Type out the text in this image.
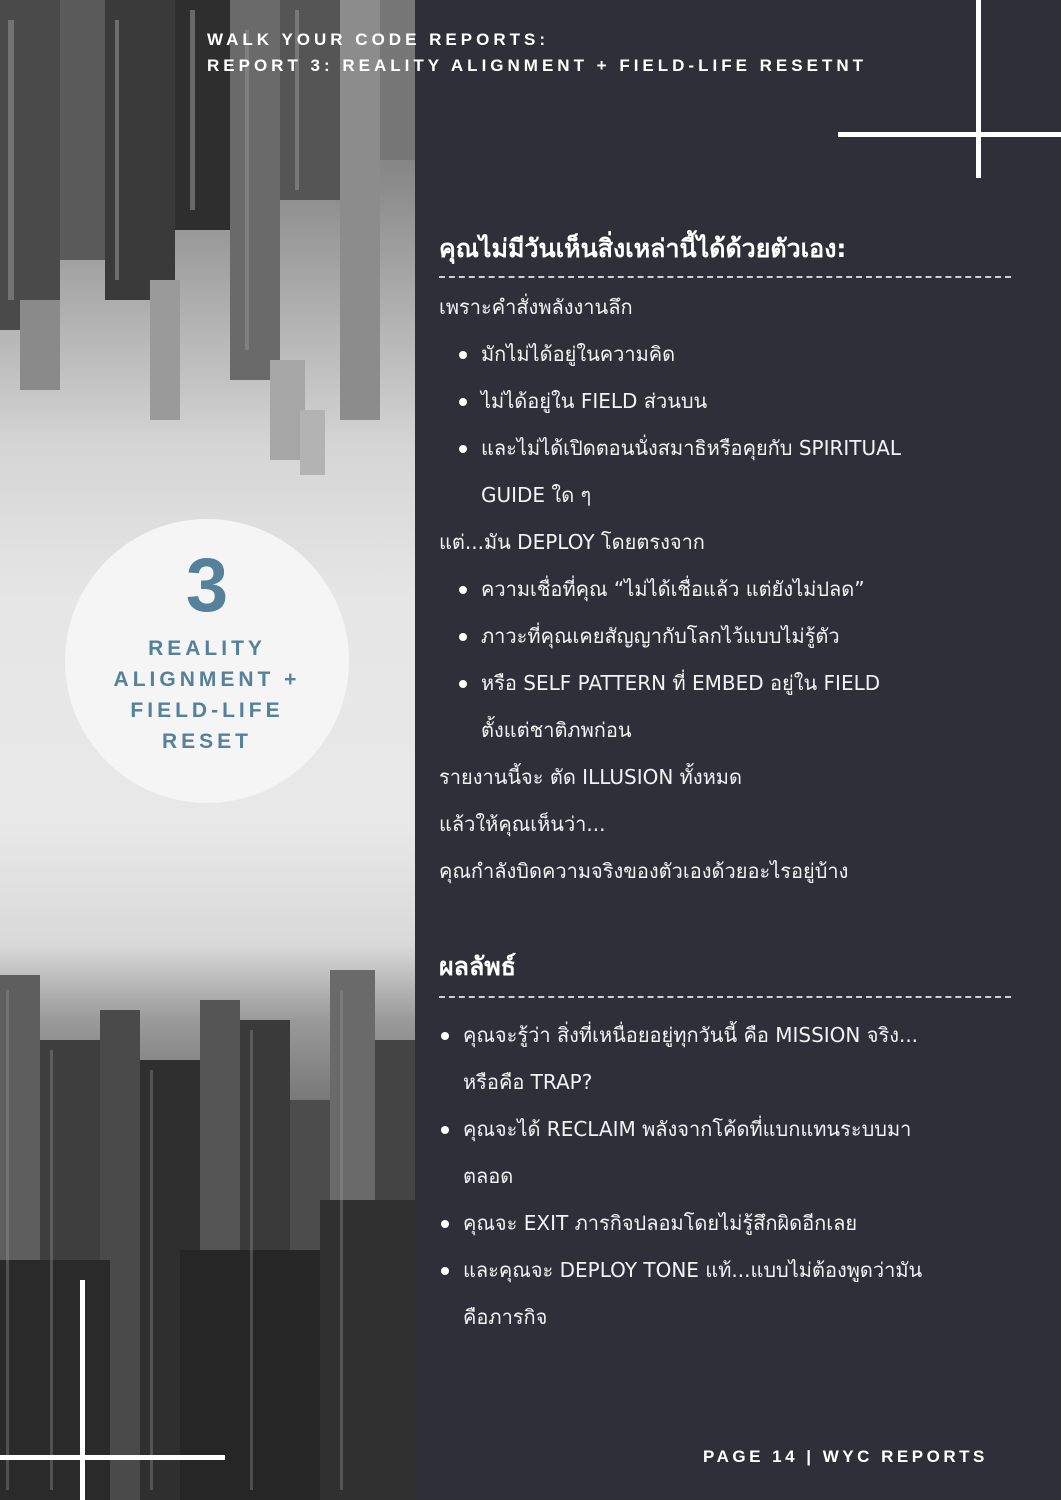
WALK YOUR CODE REPORTS:
REPORT 3: REALITY ALIGNMENT + FIELD-LIFE RESETNT
3
REALITY
ALIGNMENT +
FIELD-LIFE
RESET
คุณไม่มีวันเห็นสิ่งเหล่านี้ได้ด้วยตัวเอง:
เพราะคำสั่งพลังงานลึก
มักไม่ได้อยู่ในความคิด
ไม่ได้อยู่ใน FIELD ส่วนบน
และไม่ได้เปิดตอนนั่งสมาธิหรือคุยกับ SPIRITUAL
GUIDE ใด ๆ
แต่...มัน DEPLOY โดยตรงจาก
ความเชื่อที่คุณ “ไม่ได้เชื่อแล้ว แต่ยังไม่ปลด”
ภาวะที่คุณเคยสัญญากับโลกไว้แบบไม่รู้ตัว
หรือ SELF PATTERN ที่ EMBED อยู่ใน FIELD
ตั้งแต่ชาติภพก่อน
รายงานนี้จะ ตัด ILLUSION ทั้งหมด
แล้วให้คุณเห็นว่า...
คุณกำลังบิดความจริงของตัวเองด้วยอะไรอยู่บ้าง
ผลลัพธ์
คุณจะรู้ว่า สิ่งที่เหนื่อยอยู่ทุกวันนี้ คือ MISSION จริง...
หรือคือ TRAP?
คุณจะได้ RECLAIM พลังจากโค้ดที่แบกแทนระบบมา
ตลอด
คุณจะ EXIT ภารกิจปลอมโดยไม่รู้สึกผิดอีกเลย
และคุณจะ DEPLOY TONE แท้...แบบไม่ต้องพูดว่ามัน
คือภารกิจ
PAGE 14 | WYC REPORTS
